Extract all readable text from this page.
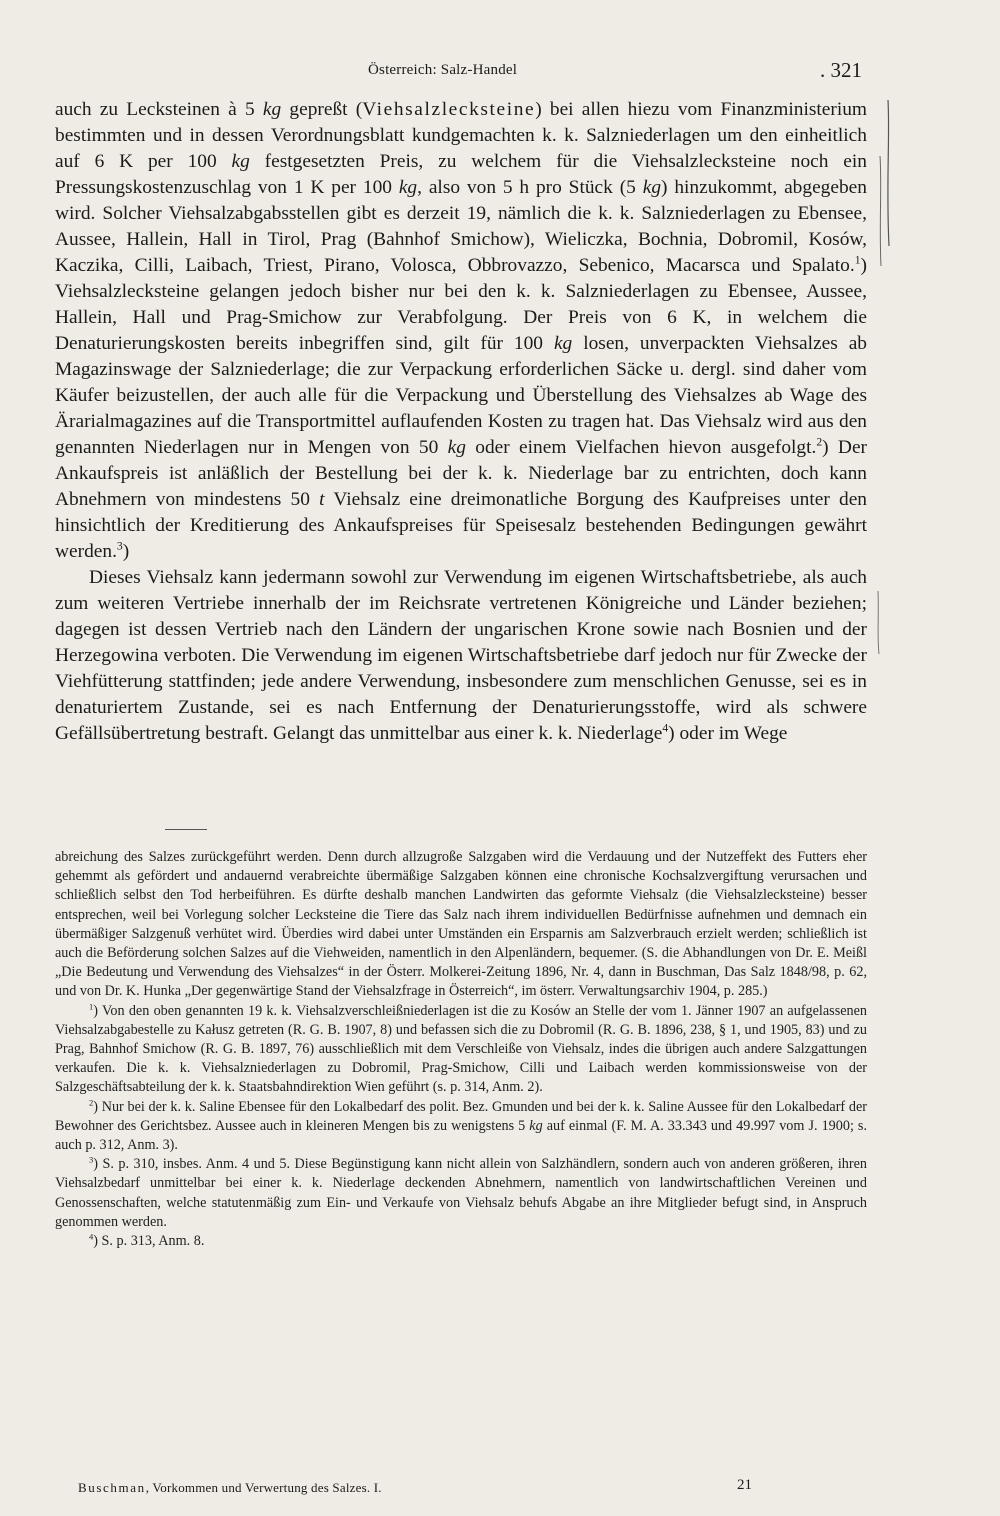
Österreich: Salz-Handel	. 321

auch zu Lecksteinen à 5 kg gepreßt (Viehsalzlecksteine) bei allen hiezu vom Finanzministerium bestimmten und in dessen Verordnungsblatt kundgemachten k. k. Salzniederlagen um den einheitlich auf 6 K per 100 kg festgesetzten Preis, zu welchem für die Viehsalzlecksteine noch ein Pressungskostenzuschlag von 1 K per 100 kg, also von 5 h pro Stück (5 kg) hinzukommt, abgegeben wird. Solcher Viehsalzabgabsstellen gibt es derzeit 19, nämlich die k. k. Salzniederlagen zu Ebensee, Aussee, Hallein, Hall in Tirol, Prag (Bahnhof Smichow), Wieliczka, Bochnia, Dobromil, Kosów, Kaczika, Cilli, Laibach, Triest, Pirano, Volosca, Obbrovazzo, Sebenico, Macarsca und Spalato.$^1$) Viehsalzlecksteine gelangen jedoch bisher nur bei den k. k. Salzniederlagen zu Ebensee, Aussee, Hallein, Hall und Prag-Smichow zur Verabfolgung. Der Preis von 6 K, in welchem die Denaturierungskosten bereits inbegriffen sind, gilt für 100 kg losen, unverpackten Viehsalzes ab Magazinswage der Salzniederlage; die zur Verpackung erforderlichen Säcke u. dergl. sind daher vom Käufer beizustellen, der auch alle für die Verpackung und Überstellung des Viehsalzes ab Wage des Ärarialmagazines auf die Transportmittel auflaufenden Kosten zu tragen hat. Das Viehsalz wird aus den genannten Niederlagen nur in Mengen von 50 kg oder einem Vielfachen hievon ausgefolgt.$^2$) Der Ankaufspreis ist anläßlich der Bestellung bei der k. k. Niederlage bar zu entrichten, doch kann Abnehmern von mindestens 50 t Viehsalz eine dreimonatliche Borgung des Kaufpreises unter den hinsichtlich der Kreditierung des Ankaufspreises für Speisesalz bestehenden Bedingungen gewährt werden.$^3$)

Dieses Viehsalz kann jedermann sowohl zur Verwendung im eigenen Wirtschaftsbetriebe, als auch zum weiteren Vertriebe innerhalb der im Reichsrate vertretenen Königreiche und Länder beziehen; dagegen ist dessen Vertrieb nach den Ländern der ungarischen Krone sowie nach Bosnien und der Herzegowina verboten. Die Verwendung im eigenen Wirtschaftsbetriebe darf jedoch nur für Zwecke der Viehfütterung stattfinden; jede andere Verwendung, insbesondere zum menschlichen Genusse, sei es in denaturiertem Zustande, sei es nach Entfernung der Denaturierungsstoffe, wird als schwere Gefällsübertretung bestraft. Gelangt das unmittelbar aus einer k. k. Niederlage$^4$) oder im Wege

abreichung des Salzes zurückgeführt werden. Denn durch allzugroße Salzgaben wird die Verdauung und der Nutzeffekt des Futters eher gehemmt als gefördert und andauernd verabreichte übermäßige Salzgaben können eine chronische Kochsalzvergiftung verursachen und schließlich selbst den Tod herbeiführen. Es dürfte deshalb manchen Landwirten das geformte Viehsalz (die Viehsalzlecksteine) besser entsprechen, weil bei Vorlegung solcher Lecksteine die Tiere das Salz nach ihrem individuellen Bedürfnisse aufnehmen und demnach ein übermäßiger Salzgenuß verhütet wird. Überdies wird dabei unter Umständen ein Ersparnis am Salzverbrauch erzielt werden; schließlich ist auch die Beförderung solchen Salzes auf die Viehweiden, namentlich in den Alpenländern, bequemer. (S. die Abhandlungen von Dr. E. Meißl „Die Bedeutung und Verwendung des Viehsalzes“ in der Österr. Molkerei-Zeitung 1896, Nr. 4, dann in Buschman, Das Salz 1848/98, p. 62, und von Dr. K. Hunka „Der gegenwärtige Stand der Viehsalzfrage in Österreich“, im österr. Verwaltungsarchiv 1904, p. 285.)

$^1$) Von den oben genannten 19 k. k. Viehsalzverschleißniederlagen ist die zu Kosów an Stelle der vom 1. Jänner 1907 an aufgelassenen Viehsalzabgabestelle zu Kałusz getreten (R. G. B. 1907, 8) und befassen sich die zu Dobromil (R. G. B. 1896, 238, § 1, und 1905, 83) und zu Prag, Bahnhof Smichow (R. G. B. 1897, 76) ausschließlich mit dem Verschleiße von Viehsalz, indes die übrigen auch andere Salzgattungen verkaufen. Die k. k. Viehsalzniederlagen zu Dobromil, Prag-Smichow, Cilli und Laibach werden kommissionsweise von der Salzgeschäftsabteilung der k. k. Staatsbahndirektion Wien geführt (s. p. 314, Anm. 2).

$^2$) Nur bei der k. k. Saline Ebensee für den Lokalbedarf des polit. Bez. Gmunden und bei der k. k. Saline Aussee für den Lokalbedarf der Bewohner des Gerichtsbez. Aussee auch in kleineren Mengen bis zu wenigstens 5 kg auf einmal (F. M. A. 33.343 und 49.997 vom J. 1900; s. auch p. 312, Anm. 3).

$^3$) S. p. 310, insbes. Anm. 4 und 5. Diese Begünstigung kann nicht allein von Salzhändlern, sondern auch von anderen größeren, ihren Viehsalzbedarf unmittelbar bei einer k. k. Niederlage deckenden Abnehmern, namentlich von landwirtschaftlichen Vereinen und Genossenschaften, welche statutenmäßig zum Ein- und Verkaufe von Viehsalz behufs Abgabe an ihre Mitglieder befugt sind, in Anspruch genommen werden.

$^4$) S. p. 313, Anm. 8.

Buschman, Vorkommen und Verwertung des Salzes. I.	21
